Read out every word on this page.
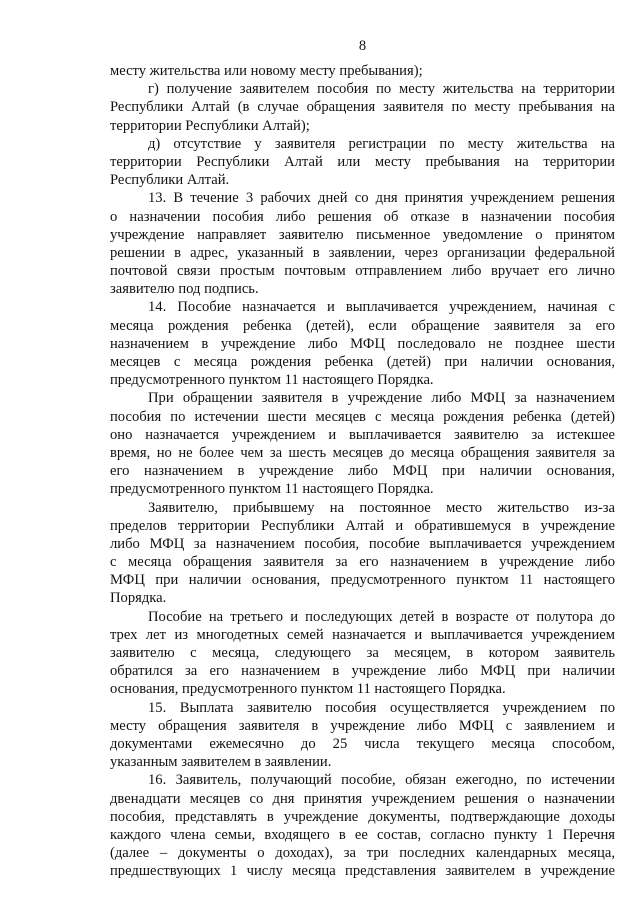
8
месту жительства или новому месту пребывания);
г) получение заявителем пособия по месту жительства на территории
Республики Алтай (в случае обращения заявителя по месту пребывания на
территории Республики Алтай);
д) отсутствие у заявителя регистрации по месту жительства на
территории Республики Алтай или месту пребывания на территории
Республики Алтай.
13. В течение 3 рабочих дней со дня принятия учреждением решения
о назначении пособия либо решения об отказе в назначении пособия
учреждение направляет заявителю письменное уведомление о принятом
решении в адрес, указанный в заявлении, через организации федеральной
почтовой связи простым почтовым отправлением либо вручает его лично
заявителю под подпись.
14. Пособие назначается и выплачивается учреждением, начиная с
месяца рождения ребенка (детей), если обращение заявителя за его
назначением в учреждение либо МФЦ последовало не позднее шести
месяцев с месяца рождения ребенка (детей) при наличии основания,
предусмотренного пунктом 11 настоящего Порядка.
При обращении заявителя в учреждение либо МФЦ за назначением
пособия по истечении шести месяцев с месяца рождения ребенка (детей)
оно назначается учреждением и выплачивается заявителю за истекшее
время, но не более чем за шесть месяцев до месяца обращения заявителя за
его назначением в учреждение либо МФЦ при наличии основания,
предусмотренного пунктом 11 настоящего Порядка.
Заявителю, прибывшему на постоянное место жительство из-за
пределов территории Республики Алтай и обратившемуся в учреждение
либо МФЦ за назначением пособия, пособие выплачивается учреждением
с месяца обращения заявителя за его назначением в учреждение либо
МФЦ при наличии основания, предусмотренного пунктом 11 настоящего
Порядка.
Пособие на третьего и последующих детей в возрасте от полутора до
трех лет из многодетных семей назначается и выплачивается учреждением
заявителю с месяца, следующего за месяцем, в котором заявитель
обратился за его назначением в учреждение либо МФЦ при наличии
основания, предусмотренного пунктом 11 настоящего Порядка.
15. Выплата заявителю пособия осуществляется учреждением по
месту обращения заявителя в учреждение либо МФЦ с заявлением и
документами ежемесячно до 25 числа текущего месяца способом,
указанным заявителем в заявлении.
16. Заявитель, получающий пособие, обязан ежегодно, по истечении
двенадцати месяцев со дня принятия учреждением решения о назначении
пособия, представлять в учреждение документы, подтверждающие доходы
каждого члена семьи, входящего в ее состав, согласно пункту 1 Перечня
(далее – документы о доходах), за три последних календарных месяца,
предшествующих 1 числу месяца представления заявителем в учреждение
